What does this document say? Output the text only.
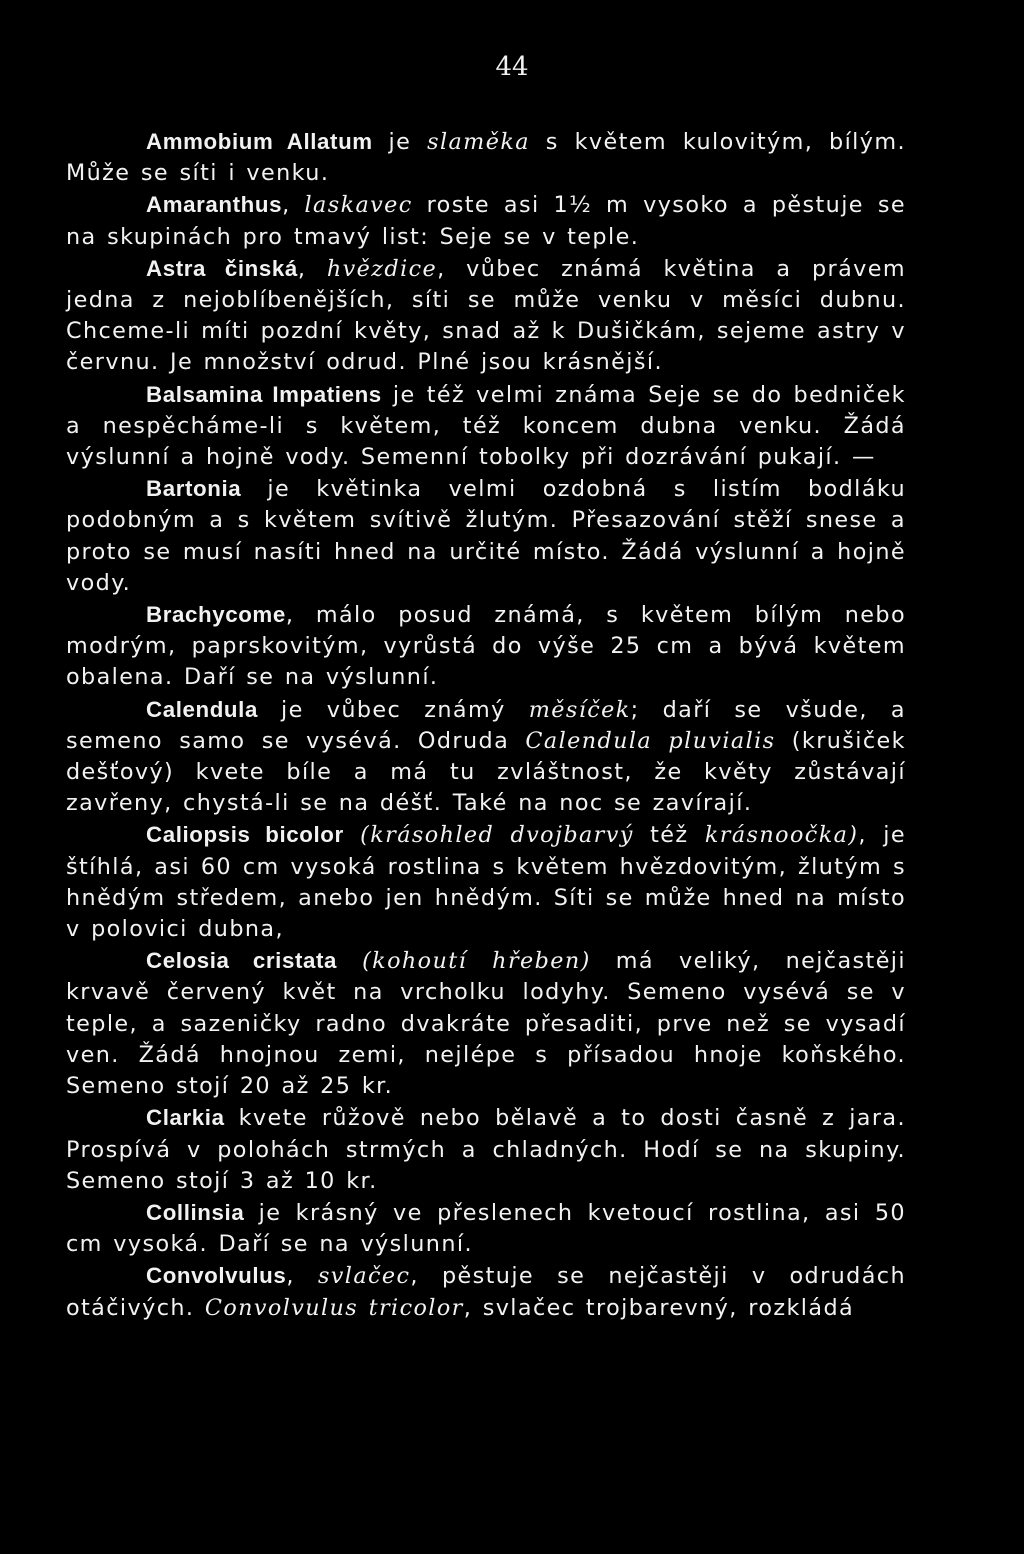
44

Ammobium Allatum je slaměka s květem kulovitým, bílým. Může se síti i venku.

Amaranthus, laskavec roste asi 1½ m vysoko a pěstuje se na skupinách pro tmavý list: Seje se v teple.

Astra činská, hvězdice, vůbec známá květina a právem jedna z nejoblíbenějších, síti se může venku v měsíci dubnu. Chceme-li míti pozdní květy, snad až k Dušičkám, sejeme astry v červnu. Je množství odrud. Plné jsou krásnější.

Balsamina Impatiens je též velmi známa Seje se do bedniček a nespěcháme-li s květem, též koncem dubna venku. Žádá výslunní a hojně vody. Semenní tobolky při dozrávání pukají. —

Bartonia je květinka velmi ozdobná s listím bodláku podobným a s květem svítivě žlutým. Přesazování stěží snese a proto se musí nasíti hned na určité místo. Žádá výslunní a hojně vody.

Brachycome, málo posud známá, s květem bílým nebo modrým, paprskovitým, vyrůstá do výše 25 cm a bývá květem obalena. Daří se na výslunní.

Calendula je vůbec známý měsíček; daří se všude, a semeno samo se vysévá. Odruda Calendula pluvialis (krušiček dešťový) kvete bíle a má tu zvláštnost, že květy zůstávají zavřeny, chystá-li se na déšť. Také na noc se zavírají.

Caliopsis bicolor (krásohled dvojbarvý též krásnoočka), je štíhlá, asi 60 cm vysoká rostlina s květem hvězdovitým, žlutým s hnědým středem, anebo jen hnědým. Síti se může hned na místo v polovici dubna,

Celosia cristata (kohoutí hřeben) má veliký, nejčastěji krvavě červený květ na vrcholku lodyhy. Semeno vysévá se v teple, a sazeničky radno dvakráte přesaditi, prve než se vysadí ven. Žádá hnojnou zemi, nejlépe s přísadou hnoje koňského. Semeno stojí 20 až 25 kr.

Clarkia kvete růžově nebo bělavě a to dosti časně z jara. Prospívá v polohách strmých a chladných. Hodí se na skupiny. Semeno stojí 3 až 10 kr.

Collinsia je krásný ve přeslenech kvetoucí rostlina, asi 50 cm vysoká. Daří se na výslunní.

Convolvulus, svlačec, pěstuje se nejčastěji v odrudách otáčivých. Convolvulus tricolor, svlačec trojbarevný, rozkládá
